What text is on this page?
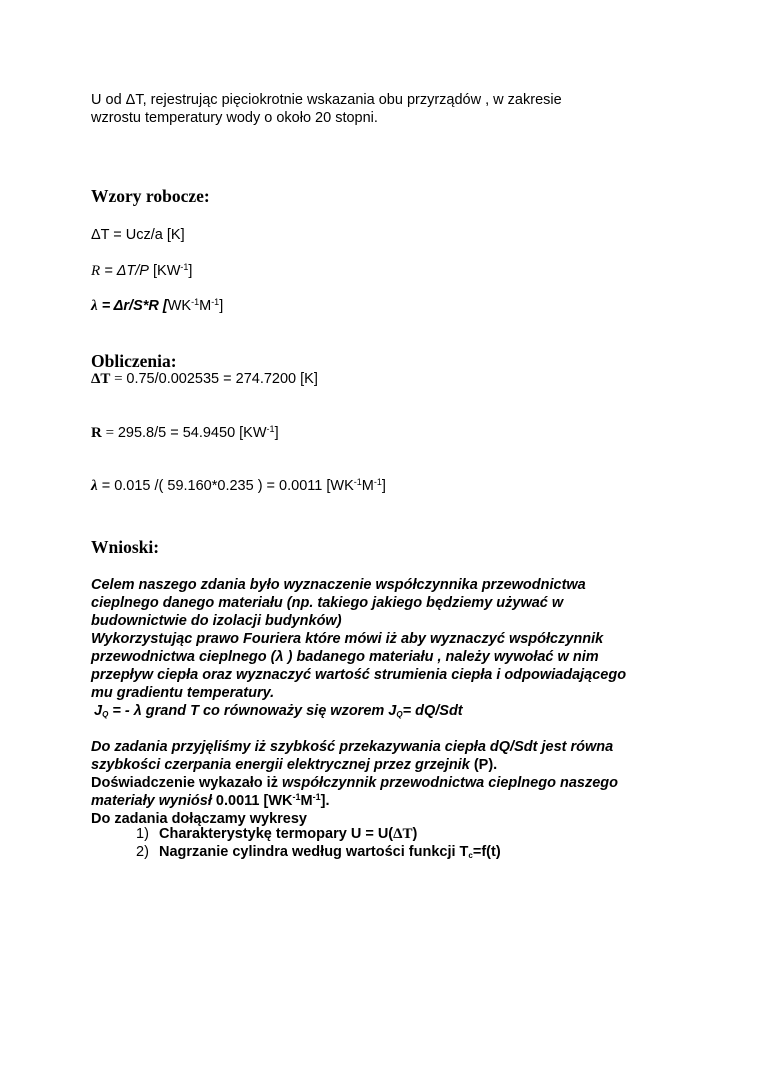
U od ΔT, rejestrując pięciokrotnie wskazania obu przyrządów , w zakresie

wzrostu temperatury wody o około 20 stopni.

Wzory robocze:
ΔT = Ucz/a [K]
R = ΔT/P $[KW^{-1}]$
λ = Δr/S*R $[WK^{-1}M^{-1}]$
Obliczenia:
ΔT = 0.75/0.002535 = 274.7200 [K]
R = 295.8/5 = 54.9450 $[KW^{-1}]$
λ = 0.015 /( 59.160*0.235 ) = 0.0011 $[WK^{-1}M^{-1}]$
Wnioski:

Celem naszego zdania było wyznaczenie współczynnika przewodnictwa

cieplnego danego materiału (np. takiego jakiego będziemy używać w

budownictwie do izolacji budynków)

Wykorzystując prawo Fouriera które mówi iż aby wyznaczyć współczynnik

przewodnictwa cieplnego (λ ) badanego materiału , należy wywołać w nim

przepływ ciepła oraz wyznaczyć wartość strumienia ciepła i odpowiadającego

mu gradientu temperatury.

$J_Q$ = - λ grand T co równoważy się wzorem $J_Q= dQ/Sdt$

Do zadania przyjęliśmy iż szybkość przekazywania ciepła dQ/Sdt jest równa

szybkości czerpania energii elektrycznej przez grzejnik (P).

Doświadczenie wykazało iż współczynnik przewodnictwa cieplnego naszego

materiały wyniósł 0.0011 $[WK^{-1}M^{-1}]$.

Do zadania dołączamy wykresy

1) Charakterystykę termopary U = U(ΔT)
2) Nagrzanie cylindra według wartości funkcji $T_c=f(t)$
